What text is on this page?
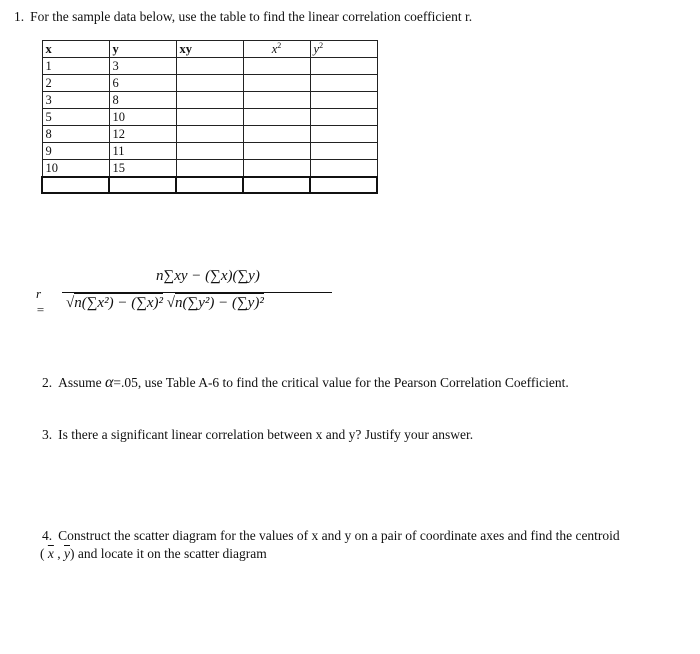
1. For the sample data below, use the table to find the linear correlation coefficient r.
x	y	xy	$x^2$	$y^2$
1	3			
2	6			
3	8			
5	10			
8	12			
9	11			
10	15			

r =
n∑xy − (∑x)(∑y)
√n(∑x²) − (∑x)² √n(∑y²) − (∑y)²
2. Assume α=.05, use Table A-6 to find the critical value for the Pearson Correlation Coefficient.
3. Is there a significant linear correlation between x and y? Justify your answer.
4. Construct the scatter diagram for the values of x and y on a pair of coordinate axes and find the centroid
( $\overline{x}$ , $\overline{y}$) and locate it on the scatter diagram
